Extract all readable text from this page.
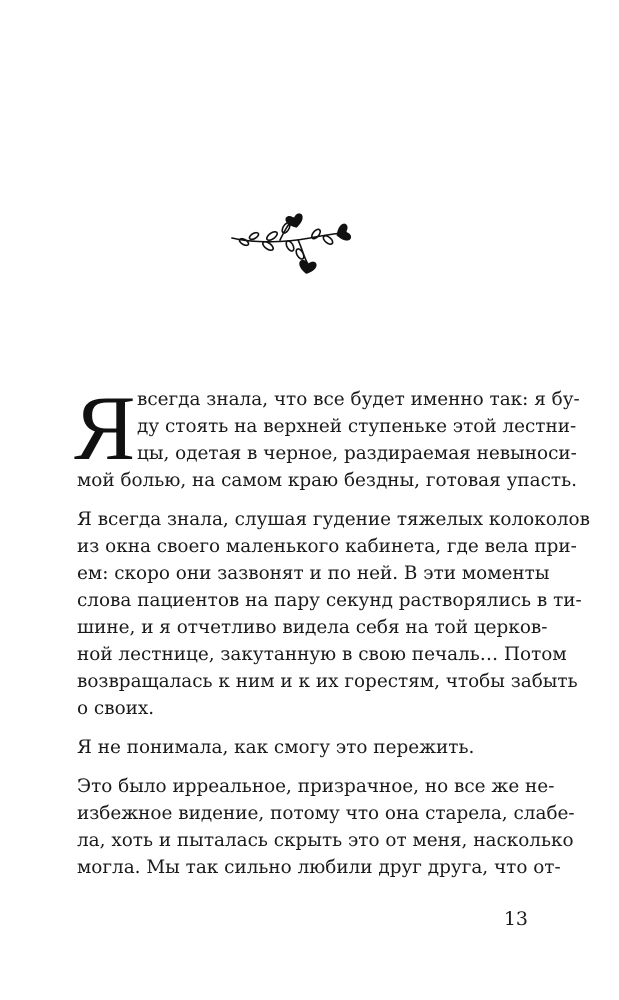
Я всегда знала, что все будет именно так: я бу-
ду стоять на верхней ступеньке этой лестни-
цы, одетая в черное, раздираемая невыноси-
мой болью, на самом краю бездны, готовая упасть.
Я всегда знала, слушая гудение тяжелых колоколов
из окна своего маленького кабинета, где вела при-
ем: скоро они зазвонят и по ней. В эти моменты
слова пациентов на пару секунд растворялись в ти-
шине, и я отчетливо видела себя на той церков-
ной лестнице, закутанную в свою печаль… Потом
возвращалась к ним и к их горестям, чтобы забыть
о своих.
Я не понимала, как смогу это пережить.
Это было ирреальное, призрачное, но все же не-
избежное видение, потому что она старела, слабе-
ла, хоть и пыталась скрыть это от меня, насколько
могла. Мы так сильно любили друг друга, что от-
13
